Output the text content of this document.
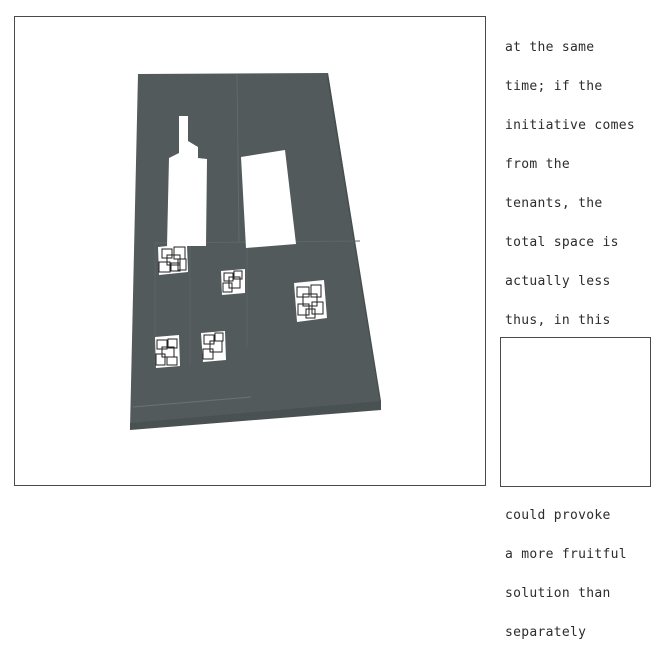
at the same

time; if the

initiative comes

from the

tenants, the

total space is

actually less

thus, in this

could provoke

a more fruitful

solution than

separately
